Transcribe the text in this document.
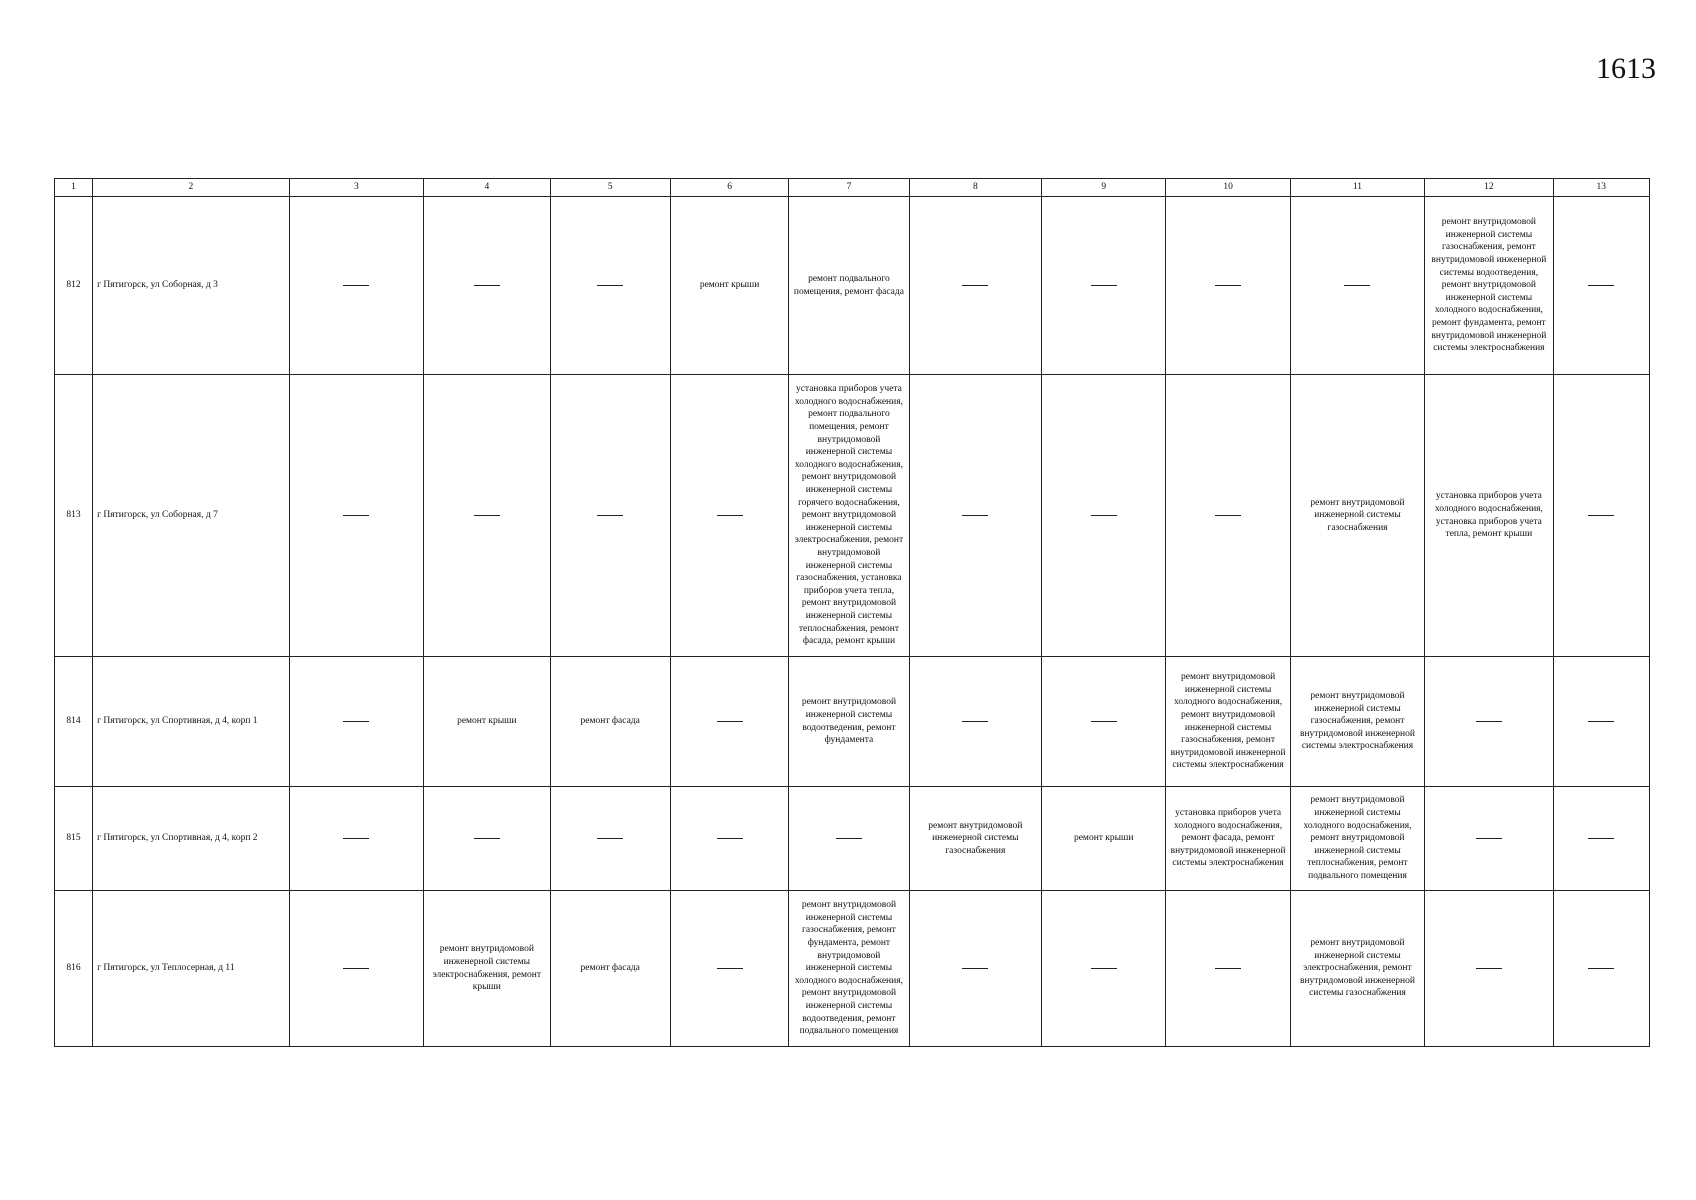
1613
1	2	3	4	5	6	7	8	9	10	11	12	13
812	г Пятигорск, ул Соборная, д 3				ремонт крыши	ремонт подвального помещения, ремонт фасада					ремонт внутридомовой инженерной системы газоснабжения, ремонт внутридомовой инженерной системы водоотведения, ремонт внутридомовой инженерной системы холодного водоснабжения, ремонт фундамента, ремонт внутридомовой инженерной системы электроснабжения	
813	г Пятигорск, ул Соборная, д 7					установка приборов учета холодного водоснабжения, ремонт подвального помещения, ремонт внутридомовой инженерной системы холодного водоснабжения, ремонт внутридомовой инженерной системы горячего водоснабжения, ремонт внутридомовой инженерной системы электроснабжения, ремонт внутридомовой инженерной системы газоснабжения, установка приборов учета тепла, ремонт внутридомовой инженерной системы теплоснабжения, ремонт фасада, ремонт крыши				ремонт внутридомовой инженерной системы газоснабжения	установка приборов учета холодного водоснабжения, установка приборов учета тепла, ремонт крыши	
814	г Пятигорск, ул Спортивная, д 4, корп 1		ремонт крыши	ремонт фасада		ремонт внутридомовой инженерной системы водоотведения, ремонт фундамента			ремонт внутридомовой инженерной системы холодного водоснабжения, ремонт внутридомовой инженерной системы газоснабжения, ремонт внутридомовой инженерной системы электроснабжения	ремонт внутридомовой инженерной системы газоснабжения, ремонт внутридомовой инженерной системы электроснабжения		
815	г Пятигорск, ул Спортивная, д 4, корп 2						ремонт внутридомовой инженерной системы газоснабжения	ремонт крыши	установка приборов учета холодного водоснабжения, ремонт фасада, ремонт внутридомовой инженерной системы электроснабжения	ремонт внутридомовой инженерной системы холодного водоснабжения, ремонт внутридомовой инженерной системы теплоснабжения, ремонт подвального помещения		
816	г Пятигорск, ул Теплосерная, д 11		ремонт внутридомовой инженерной системы электроснабжения, ремонт крыши	ремонт фасада		ремонт внутридомовой инженерной системы газоснабжения, ремонт фундамента, ремонт внутридомовой инженерной системы холодного водоснабжения, ремонт внутридомовой инженерной системы водоотведения, ремонт подвального помещения				ремонт внутридомовой инженерной системы электроснабжения, ремонт внутридомовой инженерной системы газоснабжения		
